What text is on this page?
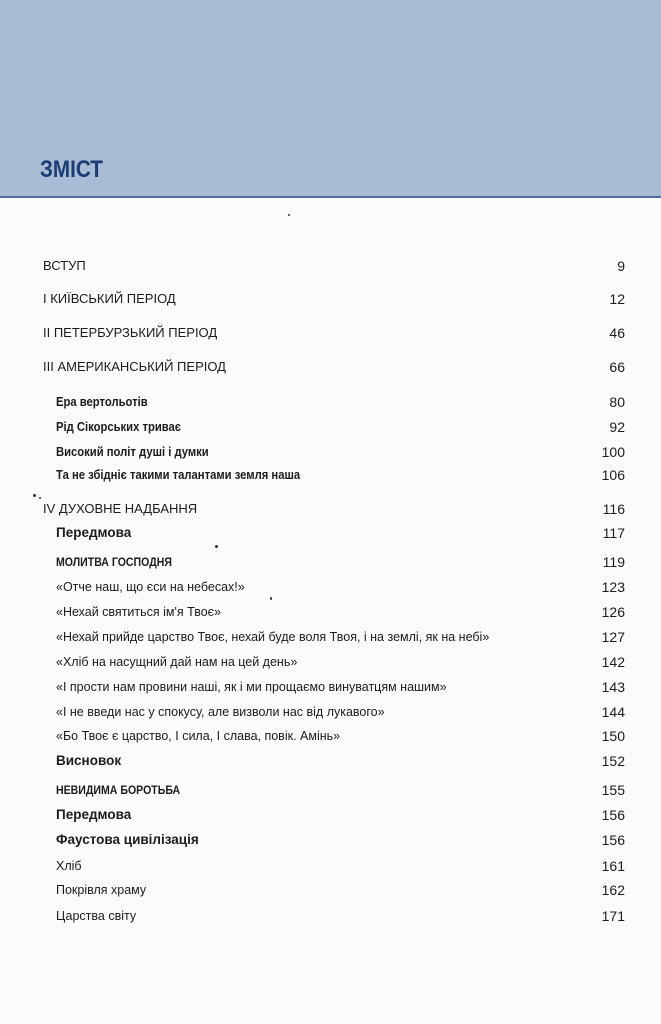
ЗМІСТ
ВСТУП	9
І КИЇВСЬКИЙ ПЕРІОД	12
ІІ ПЕТЕРБУРЗЬКИЙ ПЕРІОД	46
ІІІ АМЕРИКАНСЬКИЙ ПЕРІОД	66
Ера вертольотів	80
Рід Сікорських триває	92
Високий політ душі і думки	100
Та не збідніє такими талантами земля наша	106
IV ДУХОВНЕ НАДБАННЯ	116
Передмова	117
МОЛИТВА ГОСПОДНЯ	119
«Отче наш, що єси на небесах!»	123
«Нехай святиться ім'я Твоє»	126
«Нехай прийде царство Твоє, нехай буде воля Твоя, і на землі, як на небі»	127
«Хліб на насущний дай нам на цей день»	142
«І прости нам провини наші, як і ми прощаємо винуватцям нашим»	143
«І не введи нас у спокусу, але визволи нас від лукавого»	144
«Бо Твоє є царство, І сила, І слава, повік. Амінь»	150
Висновок	152
НЕВИДИМА БОРОТЬБА	155
Передмова	156
Фаустова цивілізація	156
Хліб	161
Покрівля храму	162
Царства світу	171
